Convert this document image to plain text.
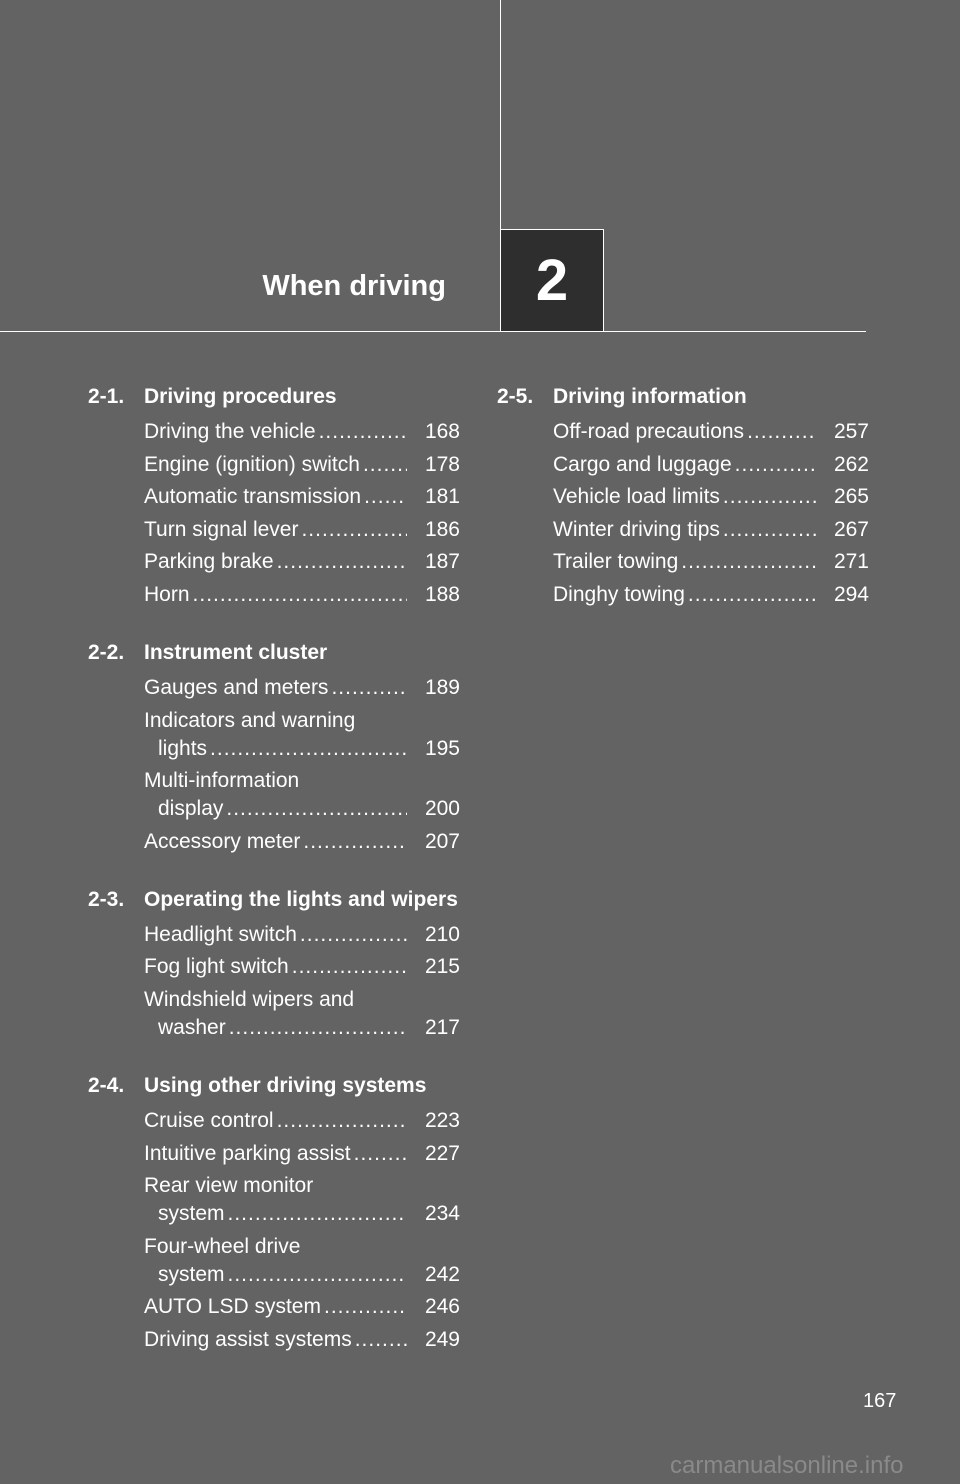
When driving 2
2-1. Driving procedures
Driving the vehicle .....	168
Engine (ignition) switch .....	178
Automatic transmission .....	181
Turn signal lever .....	186
Parking brake .....	187
Horn .....	188
2-2. Instrument cluster
Gauges and meters .....	189
Indicators and warning
lights .....	195
Multi-information
display .....	200
Accessory meter .....	207
2-3. Operating the lights and wipers
Headlight switch .....	210
Fog light switch .....	215
Windshield wipers and
washer .....	217
2-4. Using other driving systems
Cruise control .....	223
Intuitive parking assist .....	227
Rear view monitor
system .....	234
Four-wheel drive
system .....	242
AUTO LSD system .....	246
Driving assist systems .....	249
2-5. Driving information
Off-road precautions .....	257
Cargo and luggage .....	262
Vehicle load limits .....	265
Winter driving tips .....	267
Trailer towing .....	271
Dinghy towing .....	294
167
carmanualsonline.info
